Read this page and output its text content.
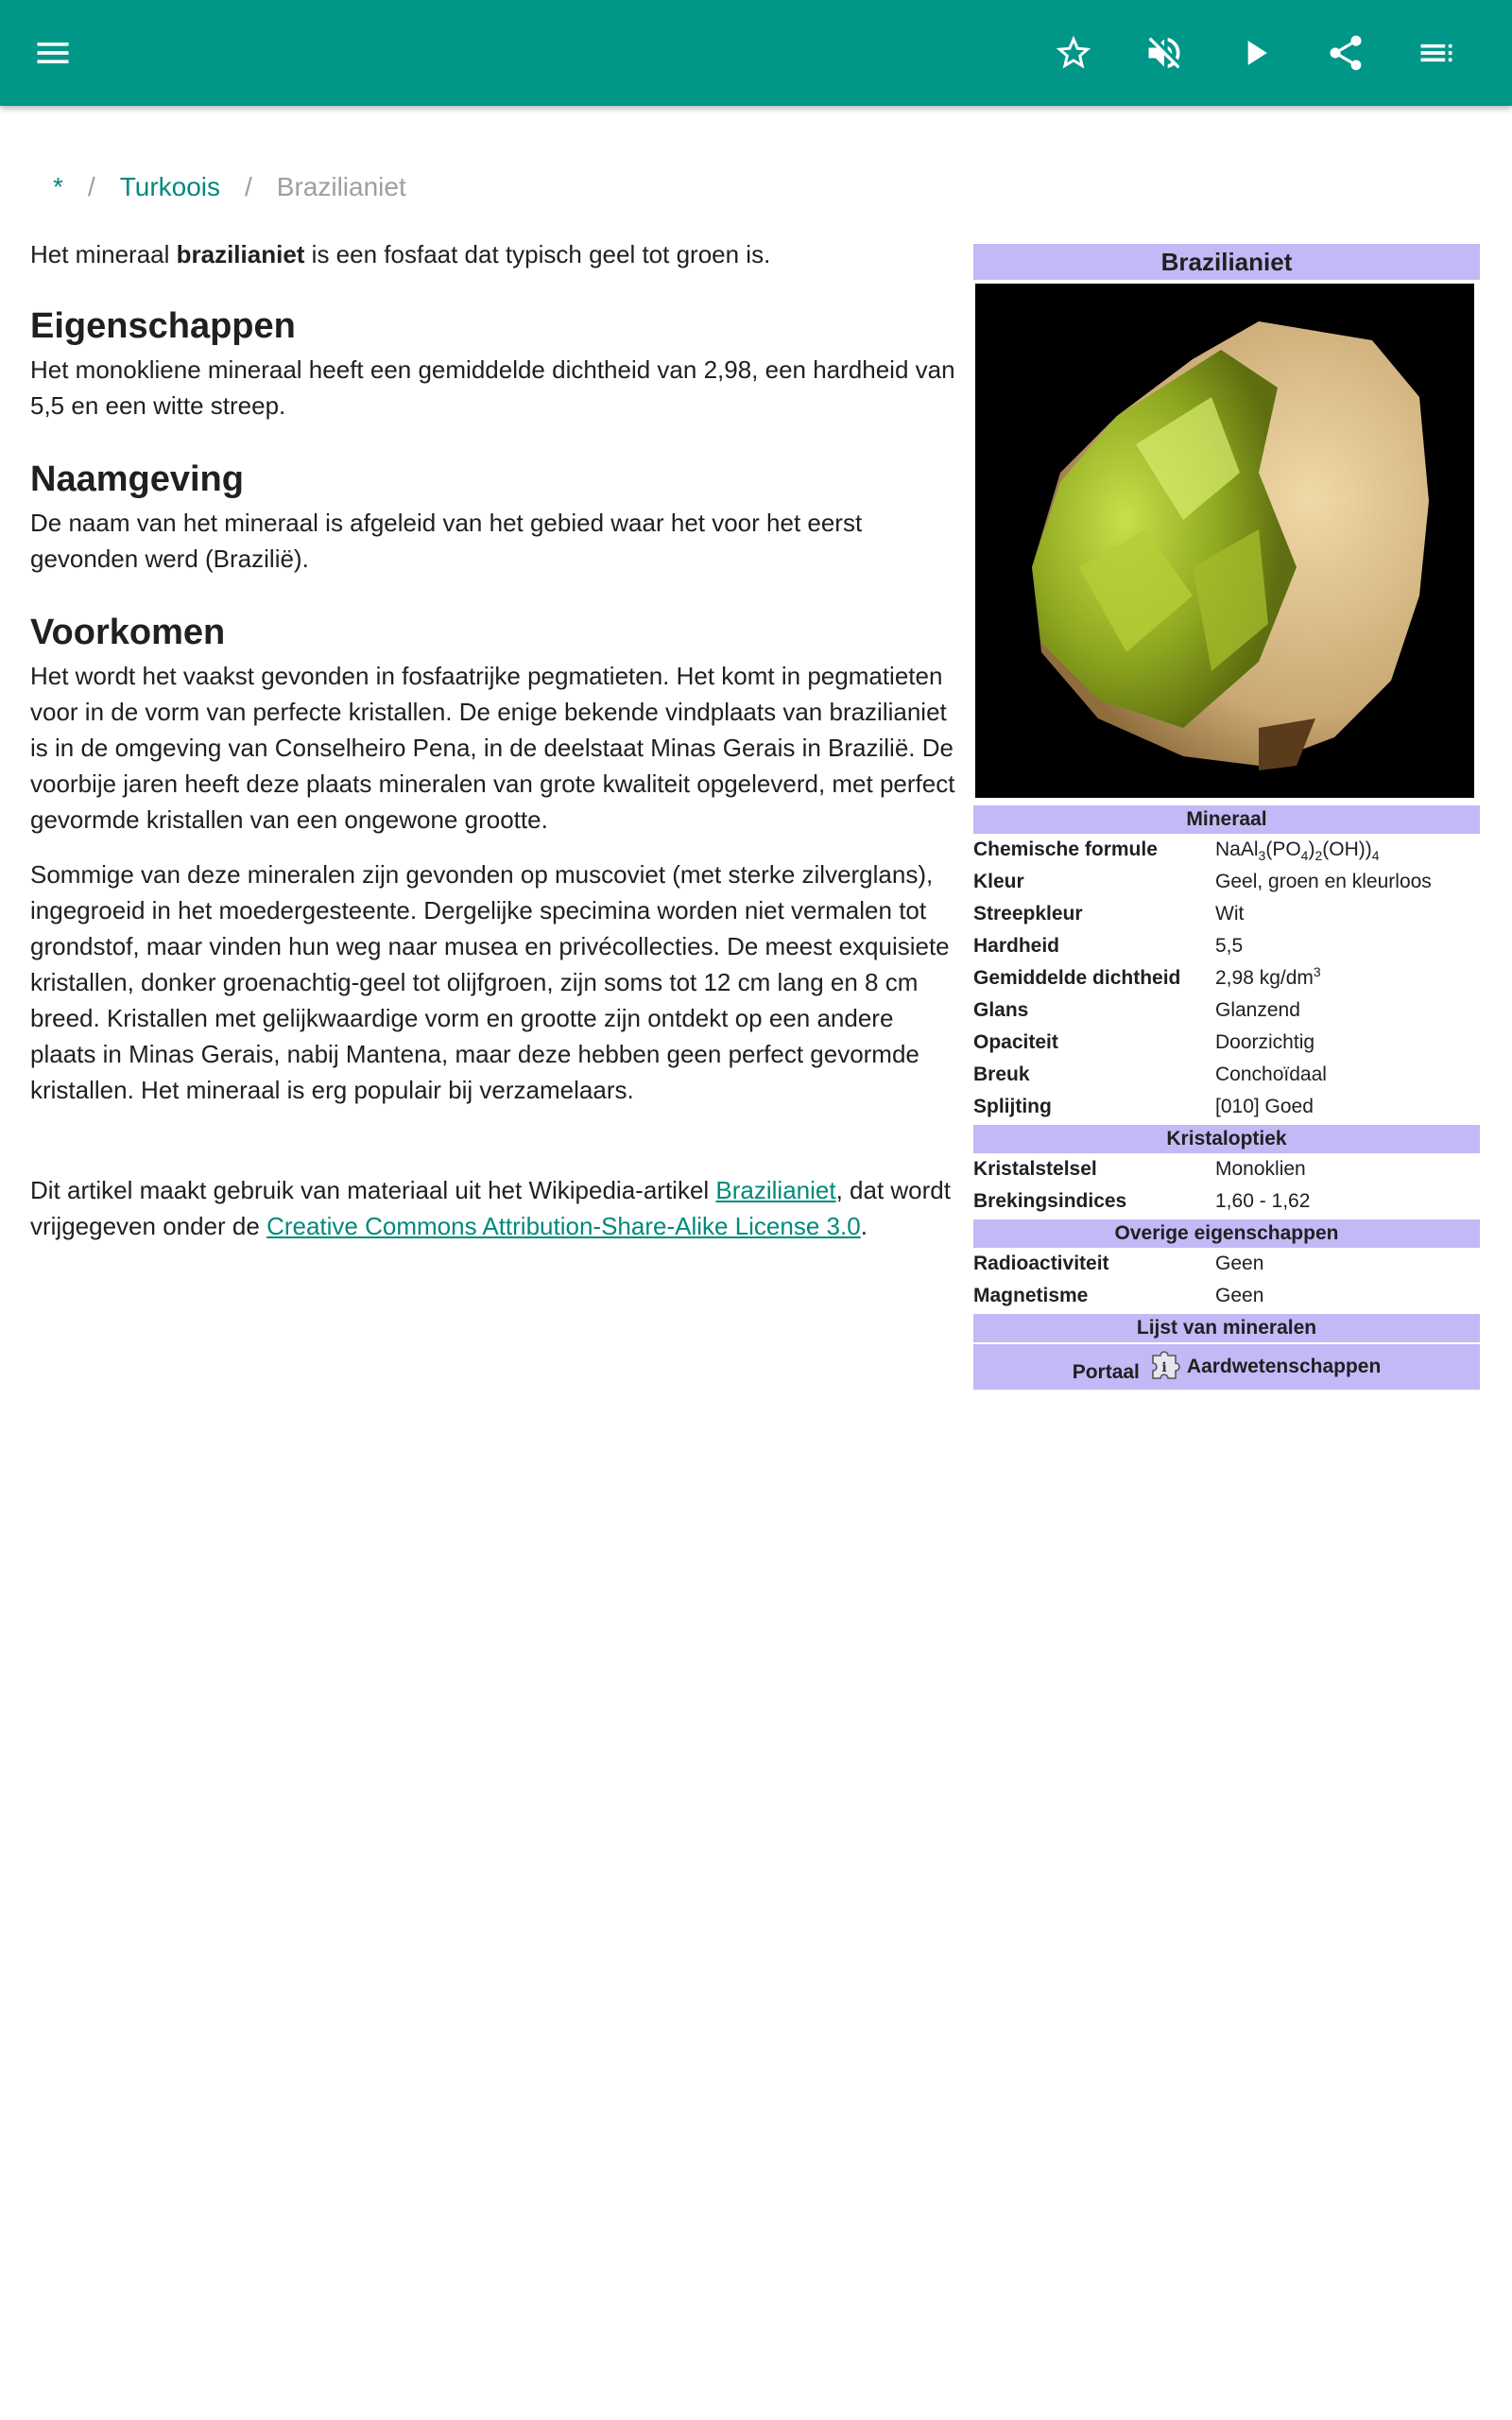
* / Turkoois / Brazilianiet

Het mineraal brazilianiet is een fosfaat dat typisch geel tot groen is.

Eigenschappen

Het monokliene mineraal heeft een gemiddelde dichtheid van 2,98, een hardheid van 5,5 en een witte streep.

Naamgeving

De naam van het mineraal is afgeleid van het gebied waar het voor het eerst gevonden werd (Brazilië).

Voorkomen

Het wordt het vaakst gevonden in fosfaatrijke pegmatieten. Het komt in pegmatieten voor in de vorm van perfecte kristallen. De enige bekende vindplaats van brazilianiet is in de omgeving van Conselheiro Pena, in de deelstaat Minas Gerais in Brazilië. De voorbije jaren heeft deze plaats mineralen van grote kwaliteit opgeleverd, met perfect gevormde kristallen van een ongewone grootte.

Sommige van deze mineralen zijn gevonden op muscoviet (met sterke zilverglans), ingegroeid in het moedergesteente. Dergelijke specimina worden niet vermalen tot grondstof, maar vinden hun weg naar musea en privécollecties. De meest exquisiete kristallen, donker groenachtig-geel tot olijfgroen, zijn soms tot 12 cm lang en 8 cm breed. Kristallen met gelijkwaardige vorm en grootte zijn ontdekt op een andere plaats in Minas Gerais, nabij Mantena, maar deze hebben geen perfect gevormde kristallen. Het mineraal is erg populair bij verzamelaars.

Dit artikel maakt gebruik van materiaal uit het Wikipedia-artikel Brazilianiet, dat wordt vrijgegeven onder de Creative Commons Attribution-Share-Alike License 3.0.

Brazilianiet
Mineraal
Chemische formule	$NaAl_3(PO_4)_2(OH))_4$
Kleur	Geel, groen en kleurloos
Streepkleur	Wit
Hardheid	5,5
Gemiddelde dichtheid	2,98 $kg/dm^3$
Glans	Glanzend
Opaciteit	Doorzichtig
Breuk	Conchoïdaal
Splijting	[010] Goed
Kristaloptiek
Kristalstelsel	Monoklien
Brekingsindices	1,60 - 1,62
Overige eigenschappen
Radioactiviteit	Geen
Magnetisme	Geen
Lijst van mineralen
Portaal i Aardwetenschappen
